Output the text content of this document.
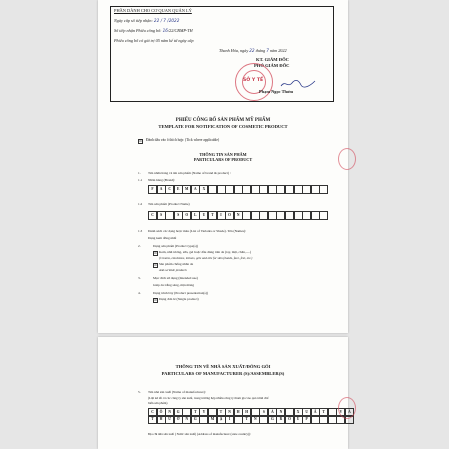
PHẦN DÀNH CHO CƠ QUAN QUẢN LÝ
Ngày cấp số tiếp nhận: 22 / 7 /2022
Số tiếp nhận Phiếu công bố: 16/22/CBMP-TH
Phiếu công bố có giá trị 05 năm kể từ ngày cấp
Thanh Hóa, ngày 22 tháng 7 năm 2022
KT. GIÁM ĐỐC
PHÓ GIÁM ĐỐC
SỞ Y TẾ
Phạm Ngọc Thơm
PHIẾU CÔNG BỐ SẢN PHẨM MỸ PHẨM
TEMPLATE FOR NOTIFICATION OF COSMETIC PRODUCT
☒	Đánh dấu vào ô thích hợp: (Tick where applicable)
THÔNG TIN SẢN PHẨM
PARTICULARS OF PRODUCT
1. Tên nhãn hàng và tên sản phẩm (Name of brand & product) :
1.1 Nhãn hàng (Brand):
F	A	C	E	M	A	X
1.2 Tên sản phẩm (Product Name)
C	S	S	O	L	U	T	I	O	N
1.3 Danh sách các dạng hoặc màu (List of Variants or Shade). Tên (Names):
Dạng kem đồng nhất
2.	Dạng sản phẩm (Product type(s))
☒ Kem, nhũ tương, sữa, gel hoặc dầu dùng trên da (tay, mặt, chân,.....)
(Creams, emulsions, lotions, gels and oils for skin (hands, face, feet, etc.)
☒ Sản phẩm chống nhăn da
Anti-wrinkle products
3.	Mục đích sử dụng (Intended use)
Giúp da trắng sáng, mịn màng
4.	Dạng trình bày (Product presentation(s))
☒ Dạng đơn lẻ (Single product)
THÔNG TIN VỀ NHÀ SẢN XUẤT/ĐÓNG GÓI
PARTICULARS OF MANUFACTURER (S)/ASSEMBLER(S)
5. Tên nhà sản xuất (Name of manufacturer):
(Liệt kê tất cả các công ty sản xuất, trong trường hợp nhiều công ty tham gia vào quá trình chế
biến sản phẩm)
C	Ô	N	G	T	Y	T	N	H	H	S	Ả	N	X	U	Ấ	T	V	À
T	H	Ư	Ơ	N	G	M	Ạ	I	T	N	G	R	O	U	P
Địa chỉ nhà sản xuất ( Nước sản xuất) (Address of manufacturer (state country)):
